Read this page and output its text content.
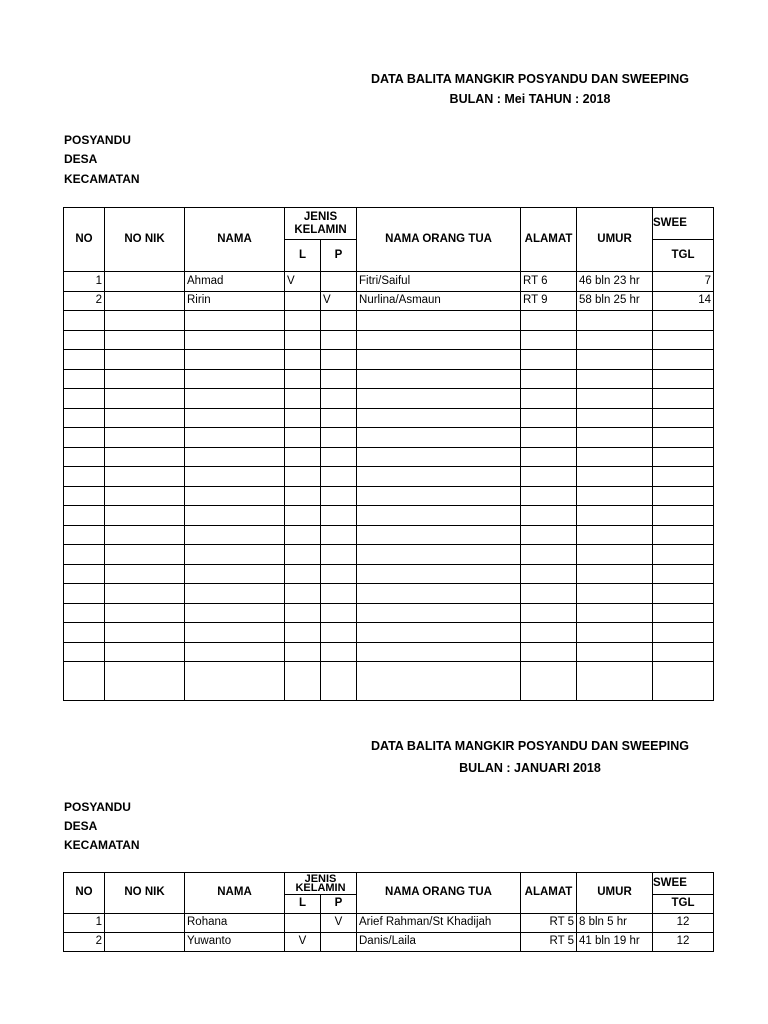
DATA BALITA MANGKIR POSYANDU DAN SWEEPING
BULAN : Mei TAHUN : 2018
POSYANDU
DESA
KECAMATAN
NO	NO NIK	NAMA	JENIS KELAMIN		NAMA ORANG TUA	ALAMAT	UMUR	SWEE
			L	P				TGL
1		Ahmad	V		Fitri/Saiful	RT 6	46 bln 23 hr	7
2		Ririn		V	Nurlina/Asmaun	RT 9	58 bln 25 hr	14

DATA BALITA MANGKIR POSYANDU DAN SWEEPING
BULAN : JANUARI 2018
POSYANDU
DESA
KECAMATAN
NO	NO NIK	NAMA	JENIS KELAMIN		NAMA ORANG TUA	ALAMAT	UMUR	SWEE
			L	P				TGL
1		Rohana		V	Arief Rahman/St Khadijah	RT 5	8 bln 5 hr	12
2		Yuwanto	V		Danis/Laila	RT 5	41 bln 19 hr	12
